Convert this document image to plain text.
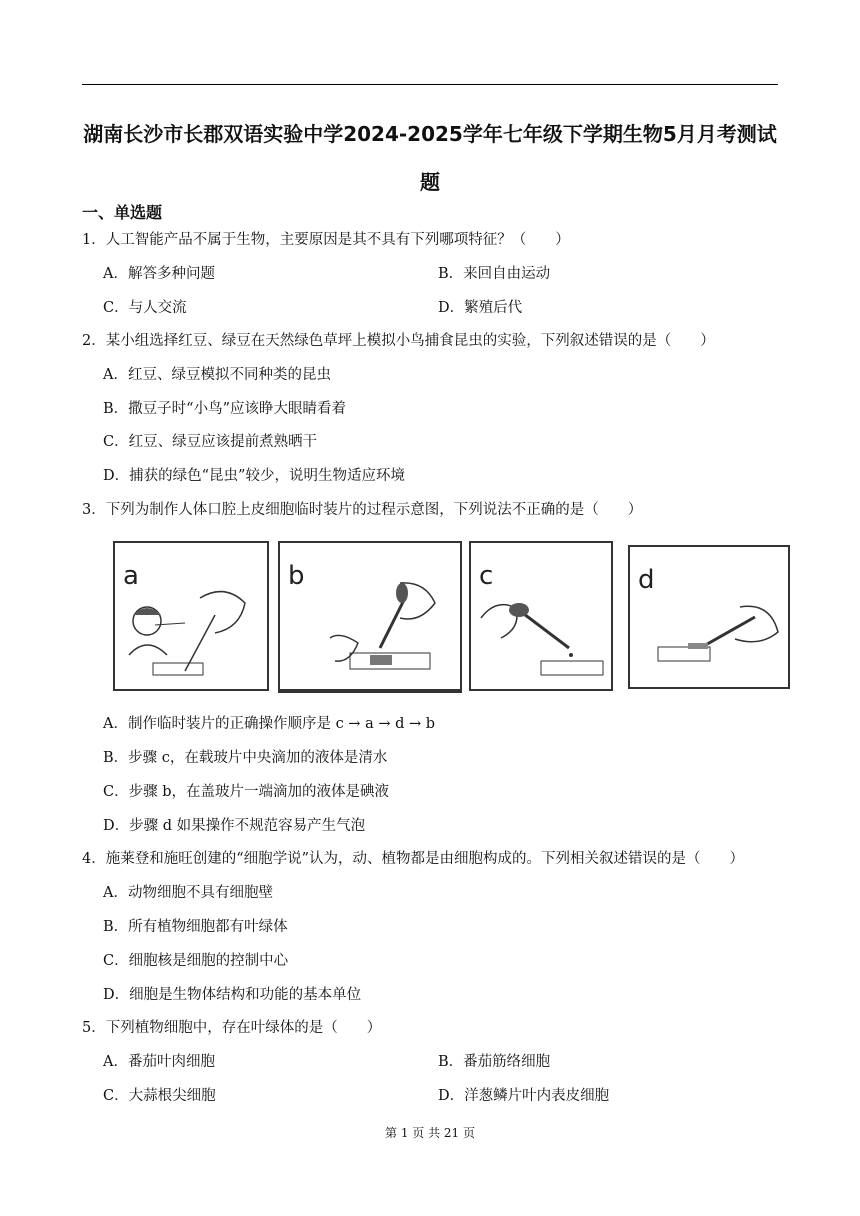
湖南长沙市长郡双语实验中学2024-2025学年七年级下学期生物5月月考测试
题
一、单选题
1．人工智能产品不属于生物，主要原因是其不具有下列哪项特征？（　　）
A．解答多种问题	B．来回自由运动
C．与人交流	D．繁殖后代
2．某小组选择红豆、绿豆在天然绿色草坪上模拟小鸟捕食昆虫的实验，下列叙述错误的是（　　）
A．红豆、绿豆模拟不同种类的昆虫
B．撒豆子时“小鸟”应该睁大眼睛看着
C．红豆、绿豆应该提前煮熟晒干
D．捕获的绿色“昆虫”较少，说明生物适应环境
3．下列为制作人体口腔上皮细胞临时装片的过程示意图，下列说法不正确的是（　　）
a	b	c	d
A．制作临时装片的正确操作顺序是 c → a → d → b
B．步骤 c，在载玻片中央滴加的液体是清水
C．步骤 b，在盖玻片一端滴加的液体是碘液
D．步骤 d 如果操作不规范容易产生气泡
4．施莱登和施旺创建的“细胞学说”认为，动、植物都是由细胞构成的。下列相关叙述错误的是（　　）
A．动物细胞不具有细胞壁
B．所有植物细胞都有叶绿体
C．细胞核是细胞的控制中心
D．细胞是生物体结构和功能的基本单位
5．下列植物细胞中，存在叶绿体的是（　　）
A．番茄叶肉细胞	B．番茄筋络细胞
C．大蒜根尖细胞	D．洋葱鳞片叶内表皮细胞
第 1 页 共 21 页
